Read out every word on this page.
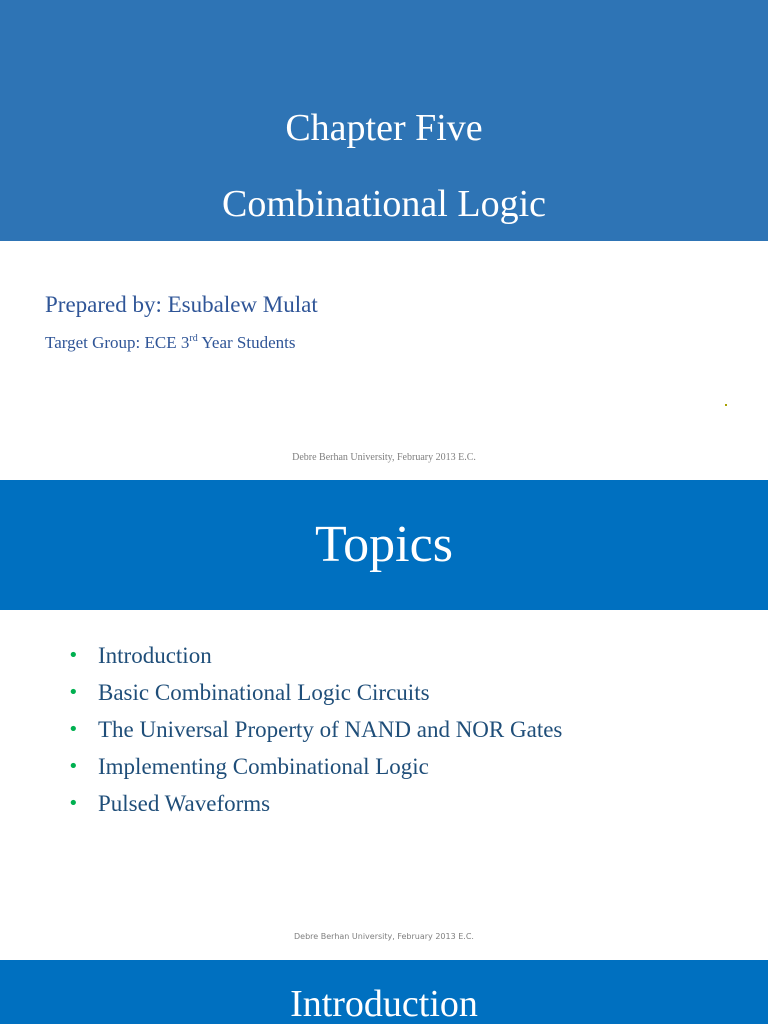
Chapter Five
Combinational Logic
Prepared by: Esubalew Mulat
Target Group: ECE 3rd Year Students
Debre Berhan University, February 2013 E.C.
Topics
• Introduction
• Basic Combinational Logic Circuits
• The Universal Property of NAND and NOR Gates
• Implementing Combinational Logic
• Pulsed Waveforms
Debre Berhan University, February 2013 E.C.
Introduction
